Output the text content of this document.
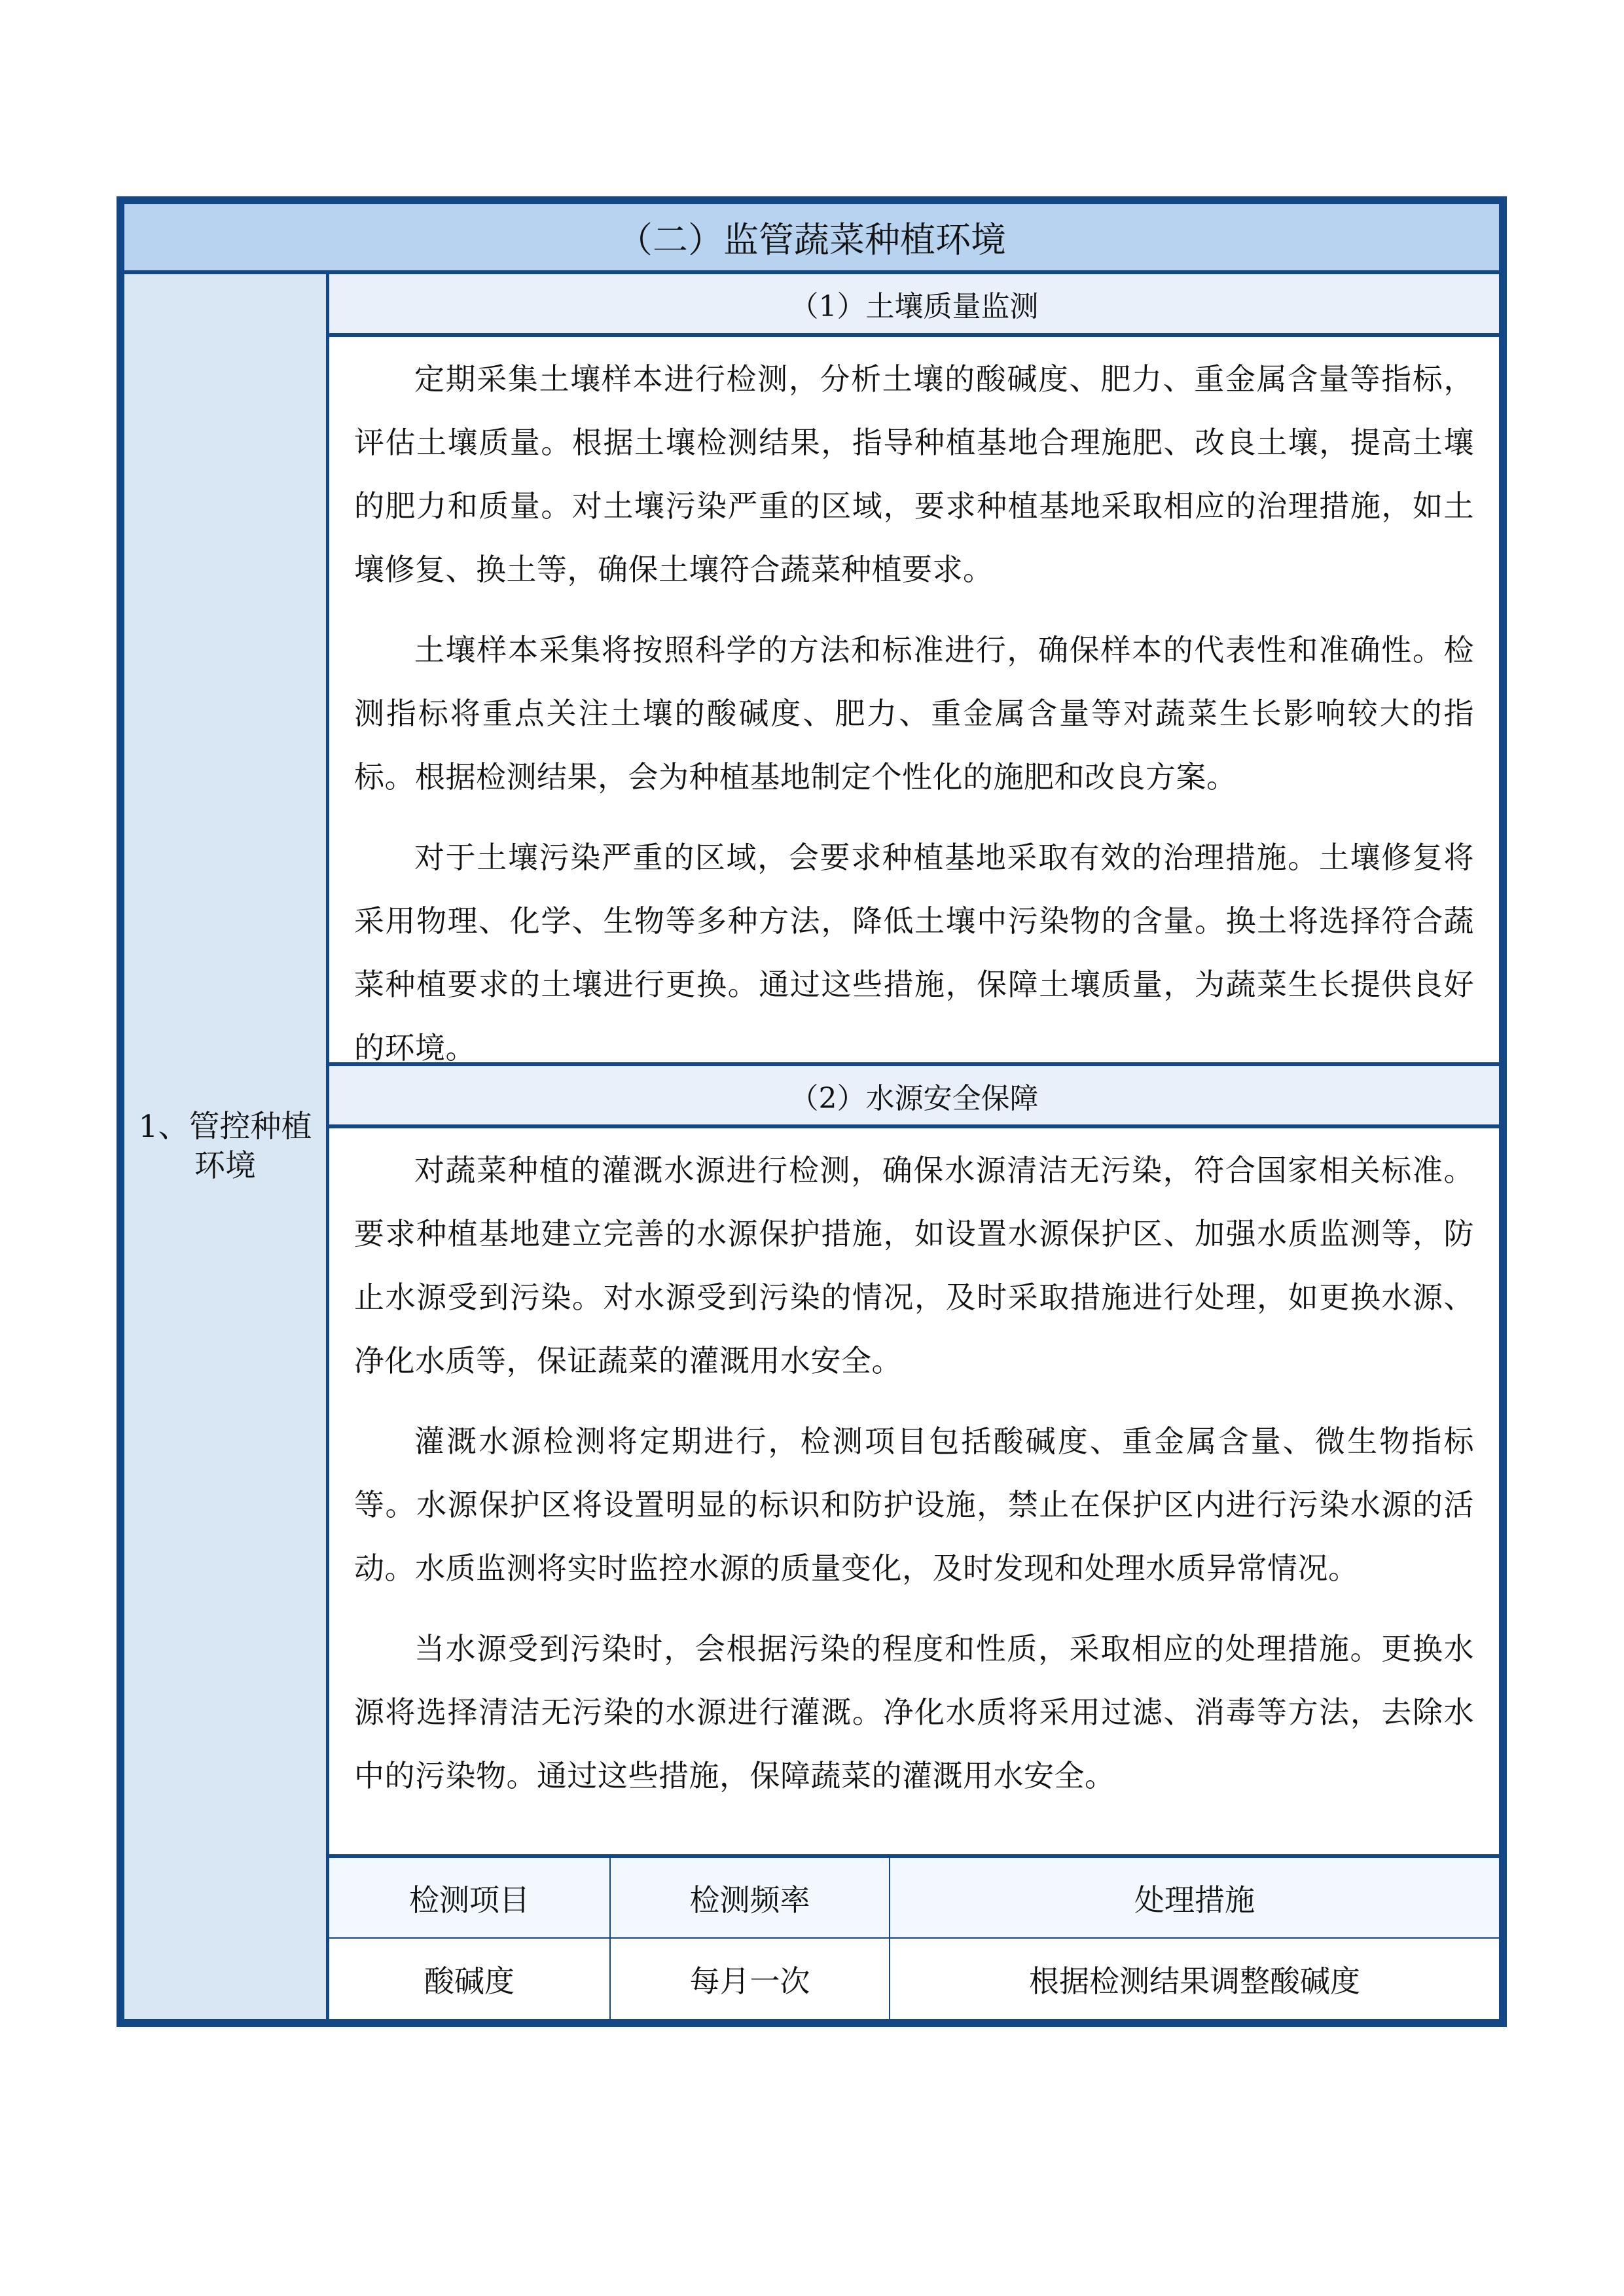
（二）监管蔬菜种植环境
1、管控种植环境
（1）土壤质量监测

定期采集土壤样本进行检测，分析土壤的酸碱度、肥力、重金属含量等指标，评估土壤质量。根据土壤检测结果，指导种植基地合理施肥、改良土壤，提高土壤的肥力和质量。对土壤污染严重的区域，要求种植基地采取相应的治理措施，如土壤修复、换土等，确保土壤符合蔬菜种植要求。

土壤样本采集将按照科学的方法和标准进行，确保样本的代表性和准确性。检测指标将重点关注土壤的酸碱度、肥力、重金属含量等对蔬菜生长影响较大的指标。根据检测结果，会为种植基地制定个性化的施肥和改良方案。

对于土壤污染严重的区域，会要求种植基地采取有效的治理措施。土壤修复将采用物理、化学、生物等多种方法，降低土壤中污染物的含量。换土将选择符合蔬菜种植要求的土壤进行更换。通过这些措施，保障土壤质量，为蔬菜生长提供良好的环境。

（2）水源安全保障

对蔬菜种植的灌溉水源进行检测，确保水源清洁无污染，符合国家相关标准。要求种植基地建立完善的水源保护措施，如设置水源保护区、加强水质监测等，防止水源受到污染。对水源受到污染的情况，及时采取措施进行处理，如更换水源、净化水质等，保证蔬菜的灌溉用水安全。

灌溉水源检测将定期进行，检测项目包括酸碱度、重金属含量、微生物指标等。水源保护区将设置明显的标识和防护设施，禁止在保护区内进行污染水源的活动。水质监测将实时监控水源的质量变化，及时发现和处理水质异常情况。

当水源受到污染时，会根据污染的程度和性质，采取相应的处理措施。更换水源将选择清洁无污染的水源进行灌溉。净化水质将采用过滤、消毒等方法，去除水中的污染物。通过这些措施，保障蔬菜的灌溉用水安全。

检测项目	检测频率	处理措施
酸碱度	每月一次	根据检测结果调整酸碱度
